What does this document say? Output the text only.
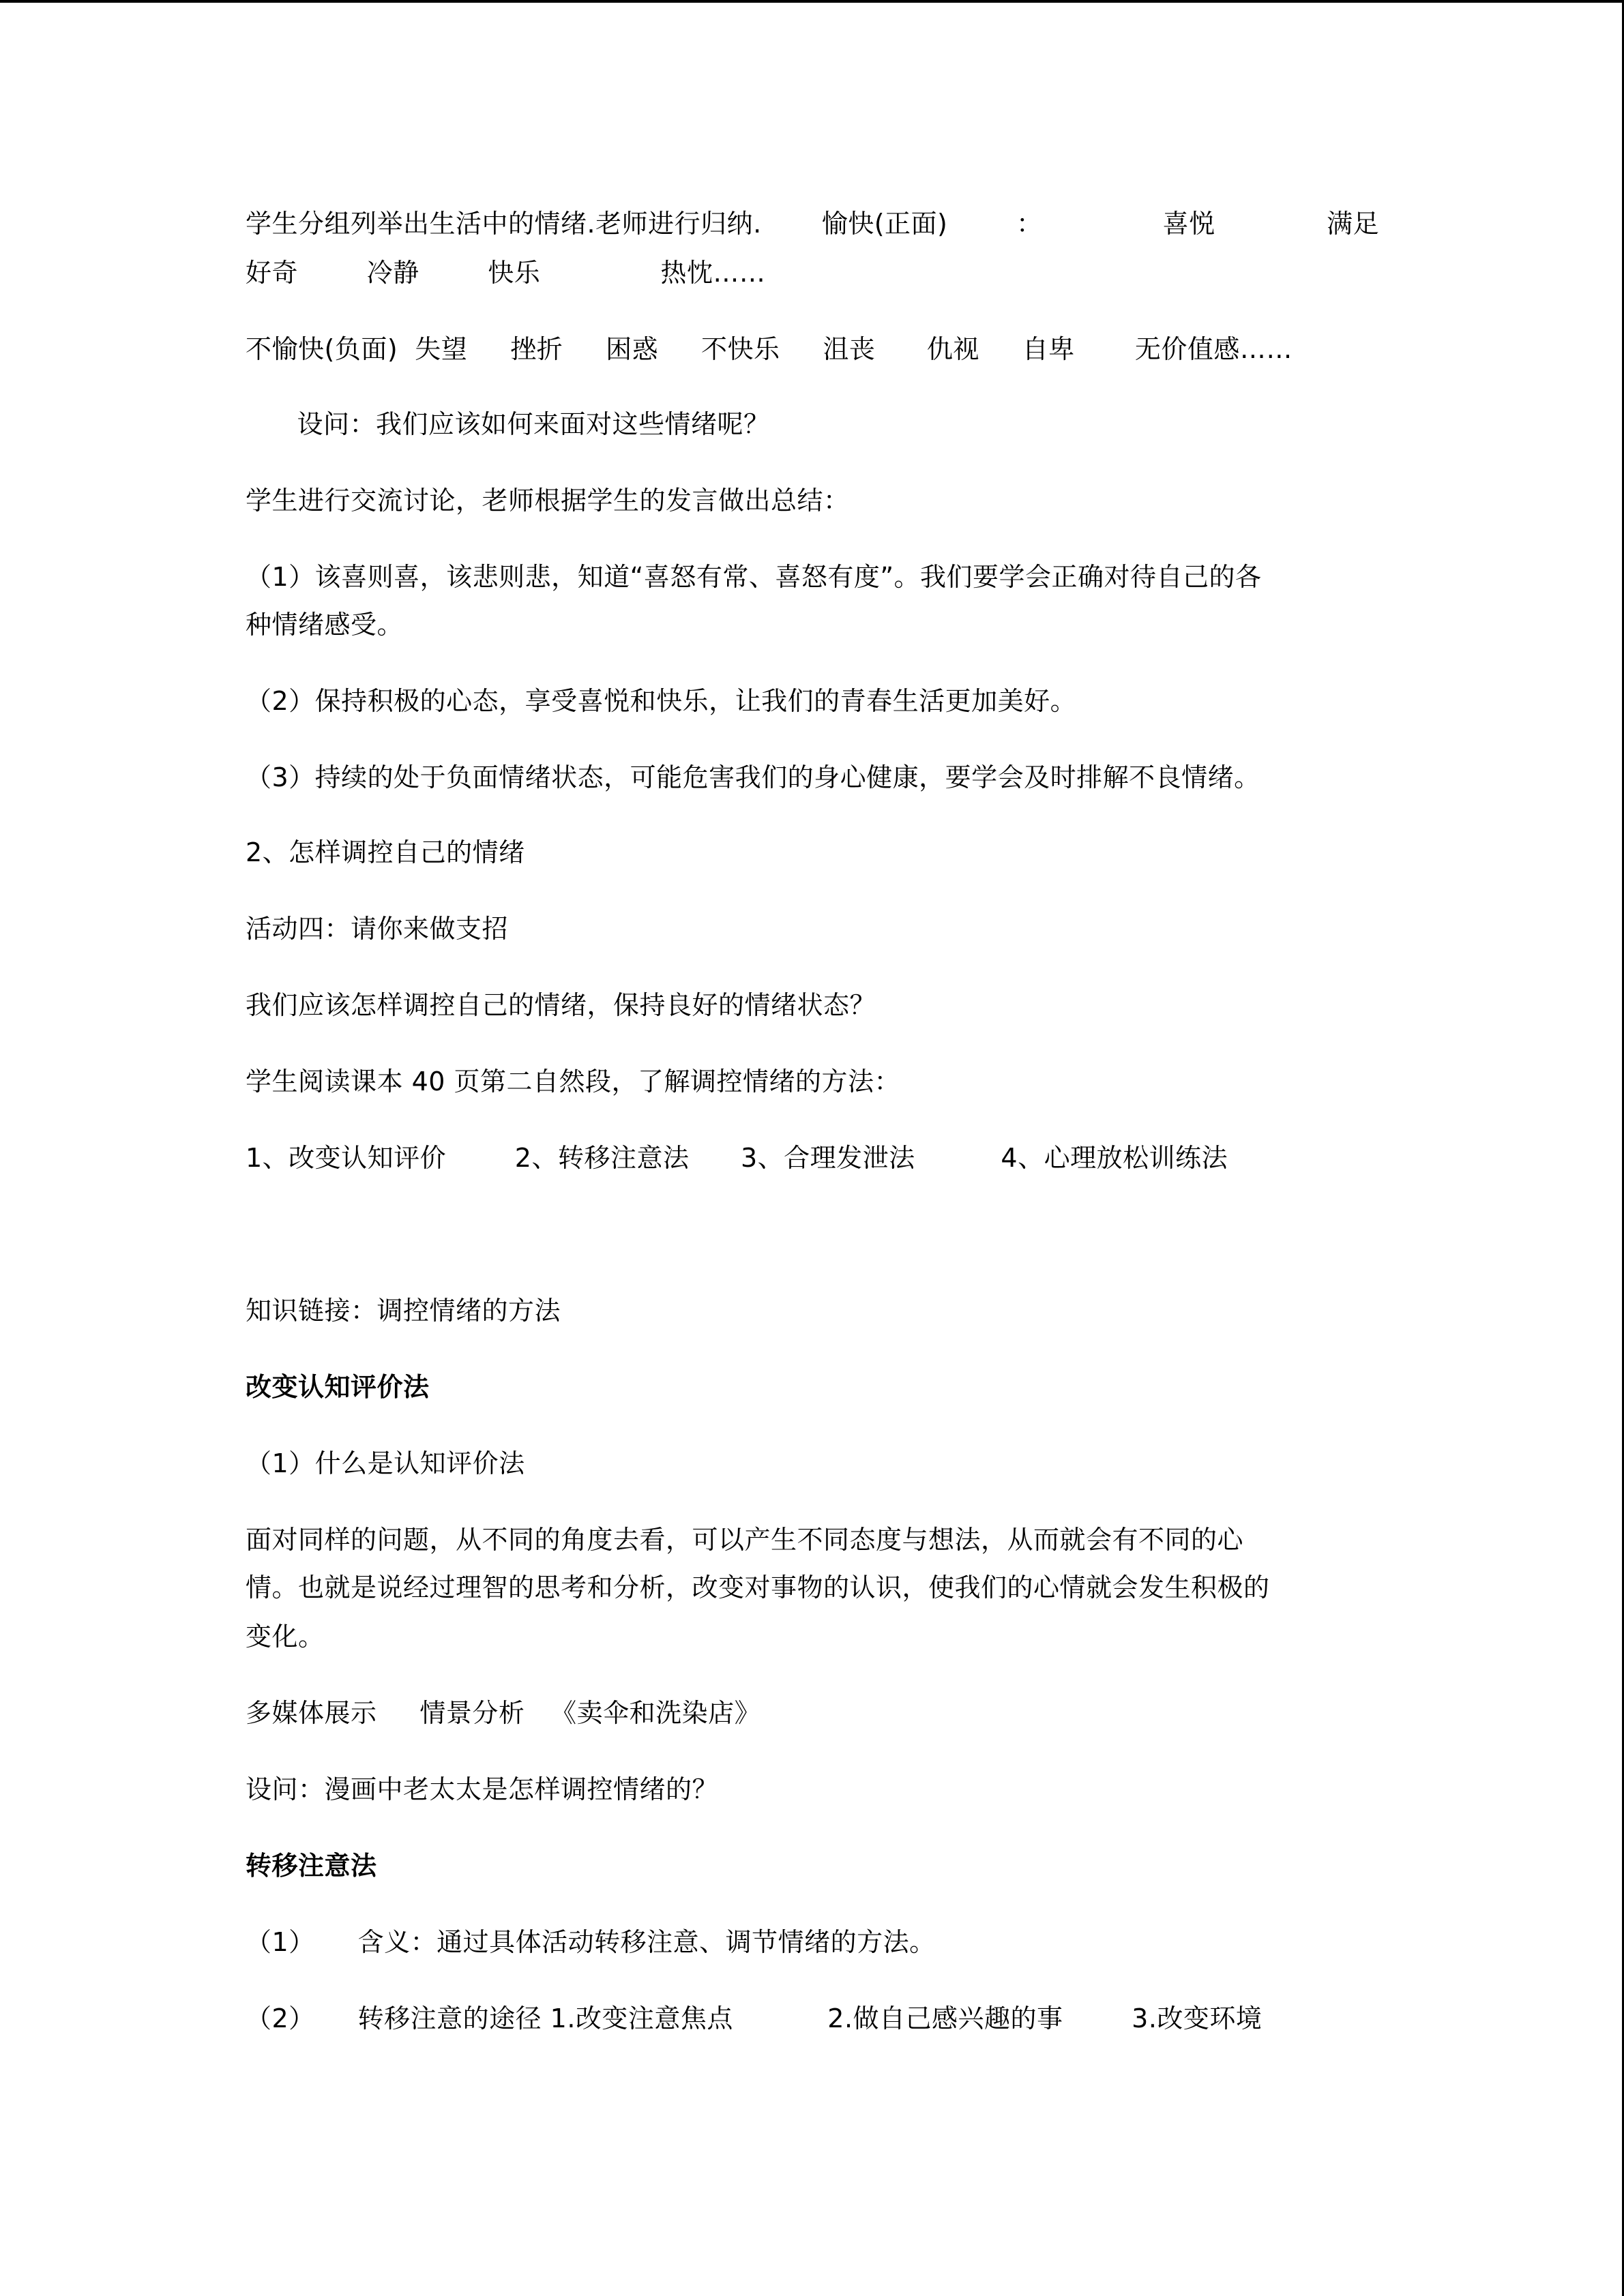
学生分组列举出生活中的情绪.老师进行归纳.       愉快(正面)        ：              喜悦             满足
好奇        冷静        快乐              热忱……
不愉快(负面)  失望     挫折     困惑     不快乐     沮丧      仇视     自卑       无价值感……
设问：我们应该如何来面对这些情绪呢？
学生进行交流讨论，老师根据学生的发言做出总结：
（1）该喜则喜，该悲则悲，知道“喜怒有常、喜怒有度”。我们要学会正确对待自己的各
种情绪感受。
（2）保持积极的心态，享受喜悦和快乐，让我们的青春生活更加美好。
（3）持续的处于负面情绪状态，可能危害我们的身心健康，要学会及时排解不良情绪。
2、怎样调控自己的情绪
活动四：请你来做支招
我们应该怎样调控自己的情绪，保持良好的情绪状态？
学生阅读课本 40 页第二自然段，了解调控情绪的方法：
1、改变认知评价        2、转移注意法      3、合理发泄法          4、心理放松训练法
知识链接：调控情绪的方法
改变认知评价法
（1）什么是认知评价法
面对同样的问题，从不同的角度去看，可以产生不同态度与想法，从而就会有不同的心
情。也就是说经过理智的思考和分析，改变对事物的认识，使我们的心情就会发生积极的
变化。
多媒体展示     情景分析   《卖伞和洗染店》
设问：漫画中老太太是怎样调控情绪的？
转移注意法
（1）     含义：通过具体活动转移注意、调节情绪的方法。
（2）     转移注意的途径 1.改变注意焦点           2.做自己感兴趣的事        3.改变环境
